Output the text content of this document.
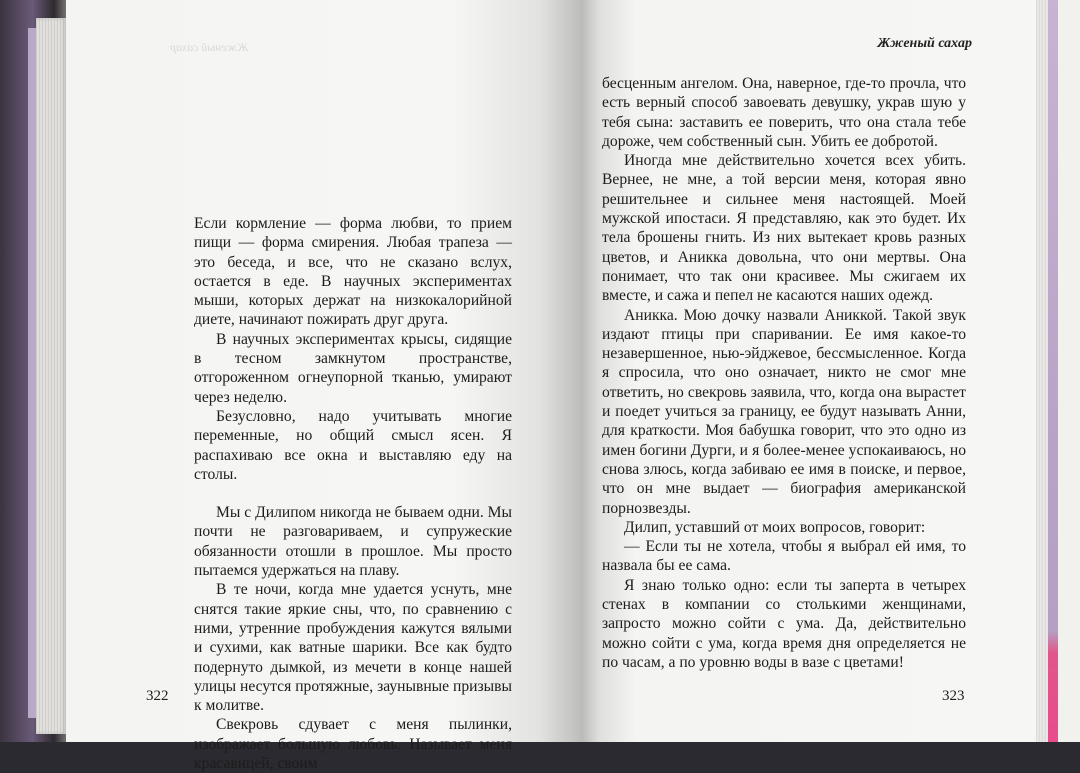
Жженый сахар	Жженый сахар

Если кормление — форма любви, то прием пищи — форма смирения. Любая трапеза — это беседа, и все, что не сказано вслух, остается в еде. В научных экспериментах мыши, которых держат на низкокалорийной диете, начинают пожирать друг друга.

В научных экспериментах крысы, сидящие в тесном замкнутом пространстве, отгороженном огнеупорной тканью, умирают через неделю.

Безусловно, надо учитывать многие переменные, но общий смысл ясен. Я распахиваю все окна и выставляю еду на столы.

Мы с Дилипом никогда не бываем одни. Мы почти не разговариваем, и супружеские обязанности отошли в прошлое. Мы просто пытаемся удержаться на плаву.

В те ночи, когда мне удается уснуть, мне снятся такие яркие сны, что, по сравнению с ними, утренние пробуждения кажутся вялыми и сухими, как ватные шарики. Все как будто подернуто дымкой, из мечети в конце нашей улицы несутся протяжные, заунывные призывы к молитве.

Свекровь сдувает с меня пылинки, изображает большую любовь. Называет меня красавицей, своим

бесценным ангелом. Она, наверное, где-то прочла, что есть верный способ завоевать девушку, украв шую у тебя сына: заставить ее поверить, что она стала тебе дороже, чем собственный сын. Убить ее добротой.

Иногда мне действительно хочется всех убить. Вернее, не мне, а той версии меня, которая явно решительнее и сильнее меня настоящей. Моей мужской ипостаси. Я представляю, как это будет. Их тела брошены гнить. Из них вытекает кровь разных цветов, и Аникка довольна, что они мертвы. Она понимает, что так они красивее. Мы сжигаем их вместе, и сажа и пепел не касаются наших одежд.

Аникка. Мою дочку назвали Аниккой. Такой звук издают птицы при спаривании. Ее имя какое-то незавершенное, нью-эйджевое, бессмысленное. Когда я спросила, что оно означает, никто не смог мне ответить, но свекровь заявила, что, когда она вырастет и поедет учиться за границу, ее будут называть Анни, для краткости. Моя бабушка говорит, что это одно из имен богини Дурги, и я более-менее успокаиваюсь, но снова злюсь, когда забиваю ее имя в поиске, и первое, что он мне выдает — биография американской порнозвезды.

Дилип, уставший от моих вопросов, говорит:

— Если ты не хотела, чтобы я выбрал ей имя, то назвала бы ее сама.

Я знаю только одно: если ты заперта в четырех стенах в компании со столькими женщинами, запросто можно сойти с ума. Да, действительно можно сойти с ума, когда время дня определяется не по часам, а по уровню воды в вазе с цветами!

322	323
